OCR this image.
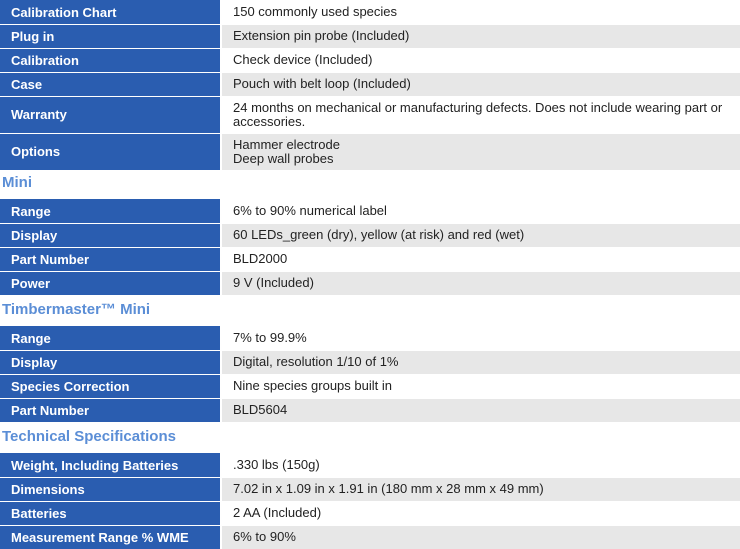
Calibration Chart	150 commonly used species
Plug in	Extension pin probe (Included)
Calibration	Check device (Included)
Case	Pouch with belt loop (Included)
Warranty	24 months on mechanical or manufacturing defects. Does not include wearing part or accessories.
Options	Hammer electrode
Deep wall probes
Mini
Range	6% to 90% numerical label
Display	60 LEDs_green (dry), yellow (at risk) and red (wet)
Part Number	BLD2000
Power	9 V (Included)
Timbermaster™ Mini
Range	7% to 99.9%
Display	Digital, resolution 1/10 of 1%
Species Correction	Nine species groups built in
Part Number	BLD5604
Technical Specifications
Weight, Including Batteries	.330 lbs (150g)
Dimensions	7.02 in x 1.09 in x 1.91 in (180 mm x 28 mm x 49 mm)
Batteries	2 AA (Included)
Measurement Range % WME	6% to 90%
